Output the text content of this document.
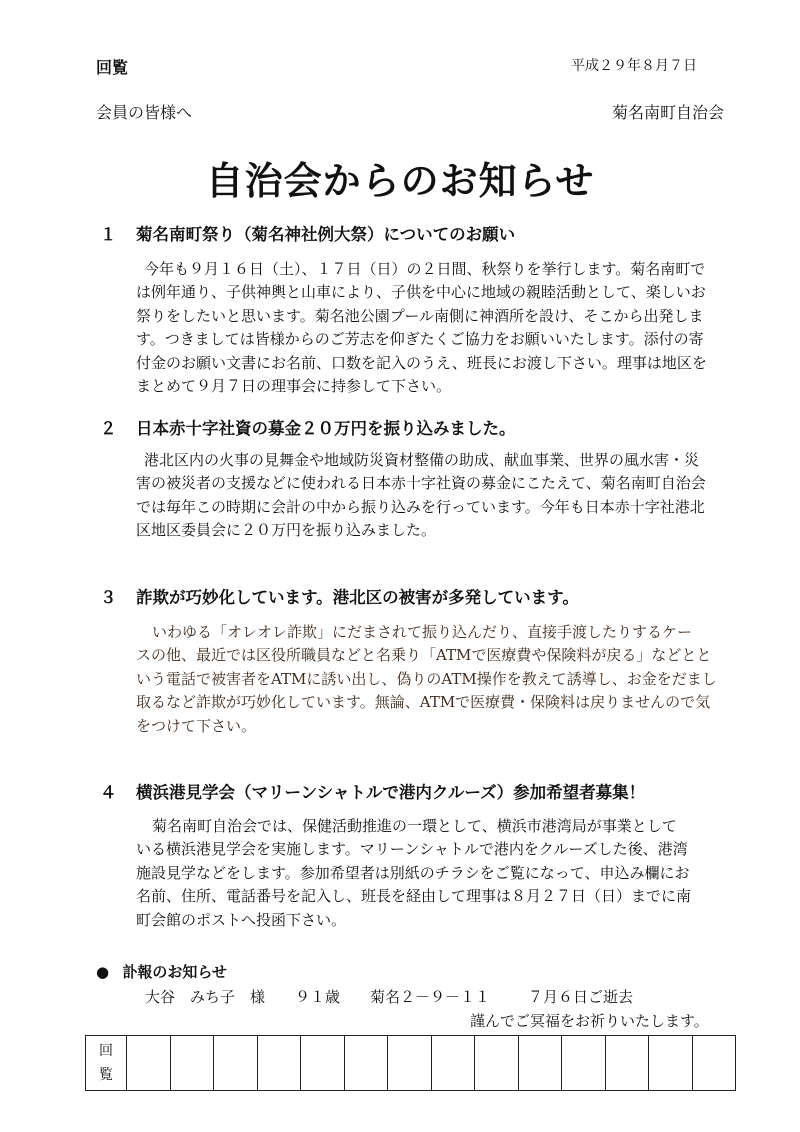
回覧	平成２９年８月７日
会員の皆様へ	菊名南町自治会
自治会からのお知らせ
１ 菊名南町祭り（菊名神社例大祭）についてのお願い
今年も９月１６日（土）、１７日（日）の２日間、秋祭りを挙行します。菊名南町で
は例年通り、子供神輿と山車により、子供を中心に地域の親睦活動として、楽しいお
祭りをしたいと思います。菊名池公園プール南側に神酒所を設け、そこから出発しま
す。つきましては皆様からのご芳志を仰ぎたくご協力をお願いいたします。添付の寄
付金のお願い文書にお名前、口数を記入のうえ、班長にお渡し下さい。理事は地区を
まとめて９月７日の理事会に持参して下さい。
２ 日本赤十字社資の募金２０万円を振り込みました。
港北区内の火事の見舞金や地域防災資材整備の助成、献血事業、世界の風水害・災
害の被災者の支援などに使われる日本赤十字社資の募金にこたえて、菊名南町自治会
では毎年この時期に会計の中から振り込みを行っています。今年も日本赤十字社港北
区地区委員会に２０万円を振り込みました。
３ 詐欺が巧妙化しています。港北区の被害が多発しています。
いわゆる「オレオレ詐欺」にだまされて振り込んだり、直接手渡したりするケー
スの他、最近では区役所職員などと名乗り「ATMで医療費や保険料が戻る」などとと
いう電話で被害者をATMに誘い出し、偽りのATM操作を教えて誘導し、お金をだまし
取るなど詐欺が巧妙化しています。無論、ATMで医療費・保険料は戻りませんので気
をつけて下さい。
４ 横浜港見学会（マリーンシャトルで港内クルーズ）参加希望者募集！
菊名南町自治会では、保健活動推進の一環として、横浜市港湾局が事業として
いる横浜港見学会を実施します。マリーンシャトルで港内をクルーズした後、港湾
施設見学などをします。参加希望者は別紙のチラシをご覧になって、申込み欄にお
名前、住所、電話番号を記入し、班長を経由して理事は８月２７日（日）までに南
町会館のポストへ投函下さい。
● 訃報のお知らせ
大谷　みち子　様 ９１歳 菊名２－９－１１	７月６日ご逝去
謹んでご冥福をお祈りいたします。
回
覧														
